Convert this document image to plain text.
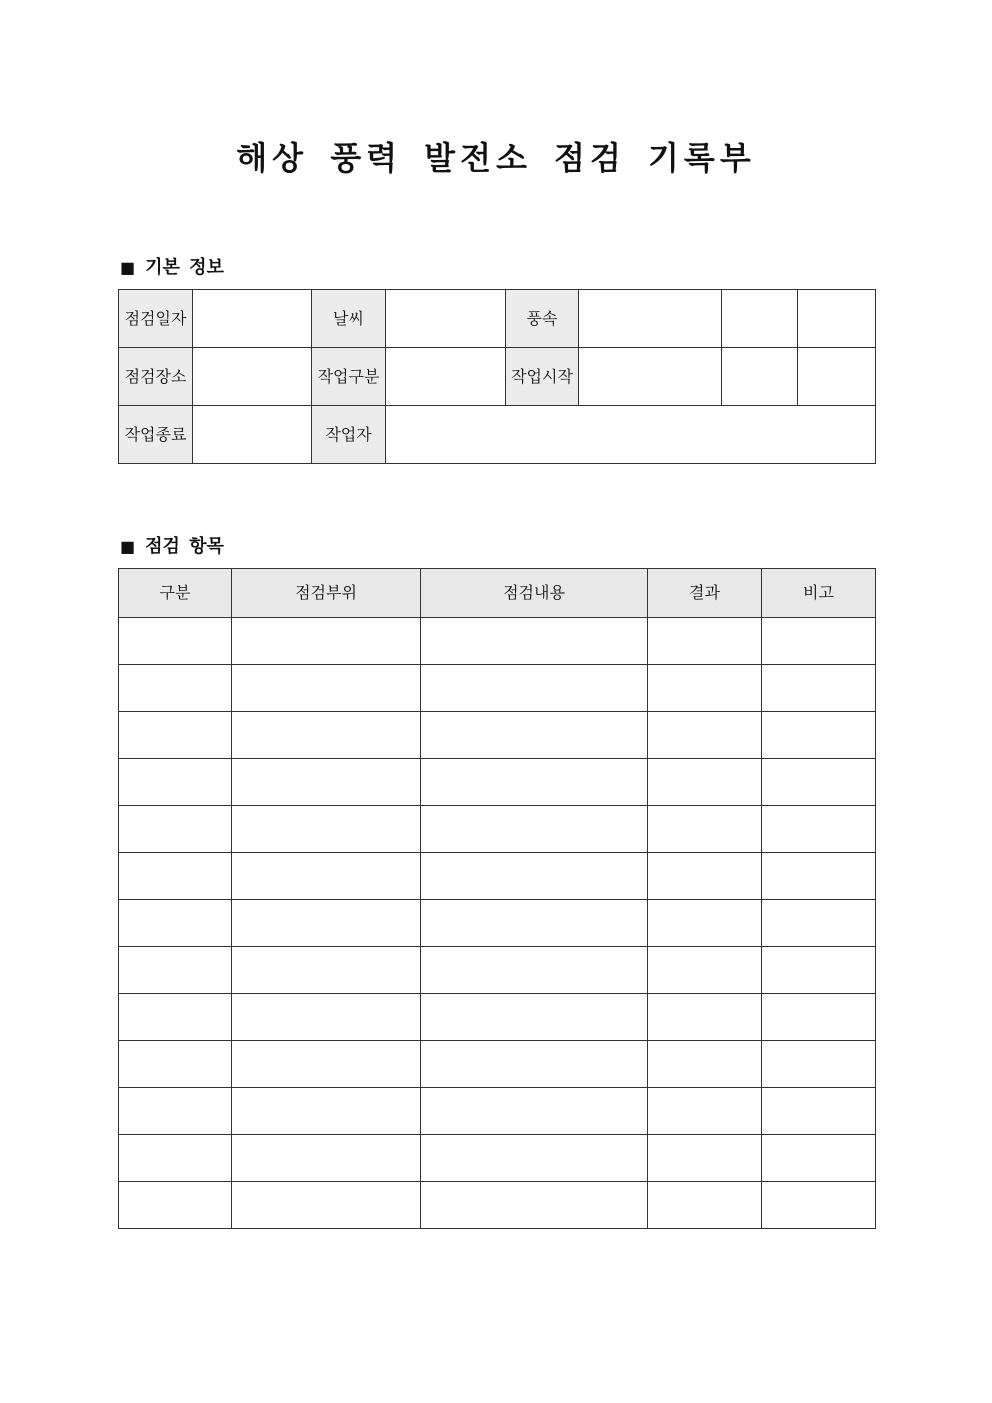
해상 풍력 발전소 점검 기록부
■ 기본 정보
점검일자		날씨		풍속			
점검장소		작업구분		작업시작			
작업종료		작업자					
■ 점검 항목
구분	점검부위	점검내용	결과	비고
